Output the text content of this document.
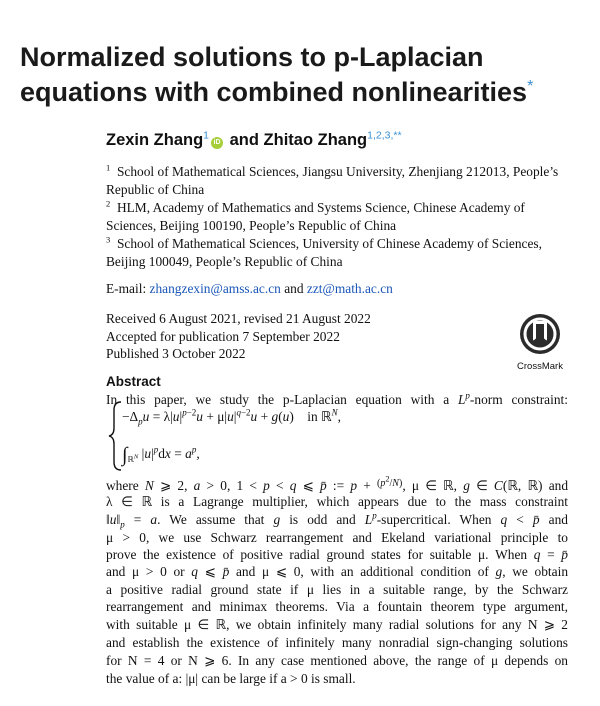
Normalized solutions to p-Laplacian equations with combined nonlinearities*
Zexin Zhang$^1$iD and Zhitao Zhang$^{1,2,3,**}$

$^1$ School of Mathematical Sciences, Jiangsu University, Zhenjiang 212013, People’s Republic of China

$^2$ HLM, Academy of Mathematics and Systems Science, Chinese Academy of Sciences, Beijing 100190, People’s Republic of China

$^3$ School of Mathematical Sciences, University of Chinese Academy of Sciences, Beijing 100049, People’s Republic of China

E-mail: zhangzexin@amss.ac.cn and zzt@math.ac.cn
Received 6 August 2021, revised 21 August 2022
Accepted for publication 7 September 2022
Published 3 October 2022
CrossMark
Abstract
In this paper, we study the p-Laplacian equation with a $L^p$-norm constraint:
$-\Delta_pu = \lambda|u|^{p-2}u + \mu|u|^{q-2}u + g(u)$    in ℝ$^N$,
$\int_{ℝ^N}$ $|u|^pdx = a^p$,
where N ⩾ 2, a > 0, 1 < p < q ⩽ p̄ := $p + (p^2/N)$, μ ∈ ℝ, g ∈ C(ℝ, ℝ) and
λ ∈ ℝ is a Lagrange multiplier, which appears due to the mass constraint
$‖u‖_p = a$. We assume that g is odd and $L^p$-supercritical. When q < p̄ and
μ > 0, we use Schwarz rearrangement and Ekeland variational principle to
prove the existence of positive radial ground states for suitable μ. When q = p̄
and μ > 0 or q ⩽ p̄ and μ ⩽ 0, with an additional condition of g, we obtain
a positive radial ground state if μ lies in a suitable range, by the Schwarz
rearrangement and minimax theorems. Via a fountain theorem type argument,
with suitable μ ∈ ℝ, we obtain infinitely many radial solutions for any N ⩾ 2
and establish the existence of infinitely many nonradial sign-changing solutions
for N = 4 or N ⩾ 6. In any case mentioned above, the range of μ depends on
the value of a: |μ| can be large if a > 0 is small.
